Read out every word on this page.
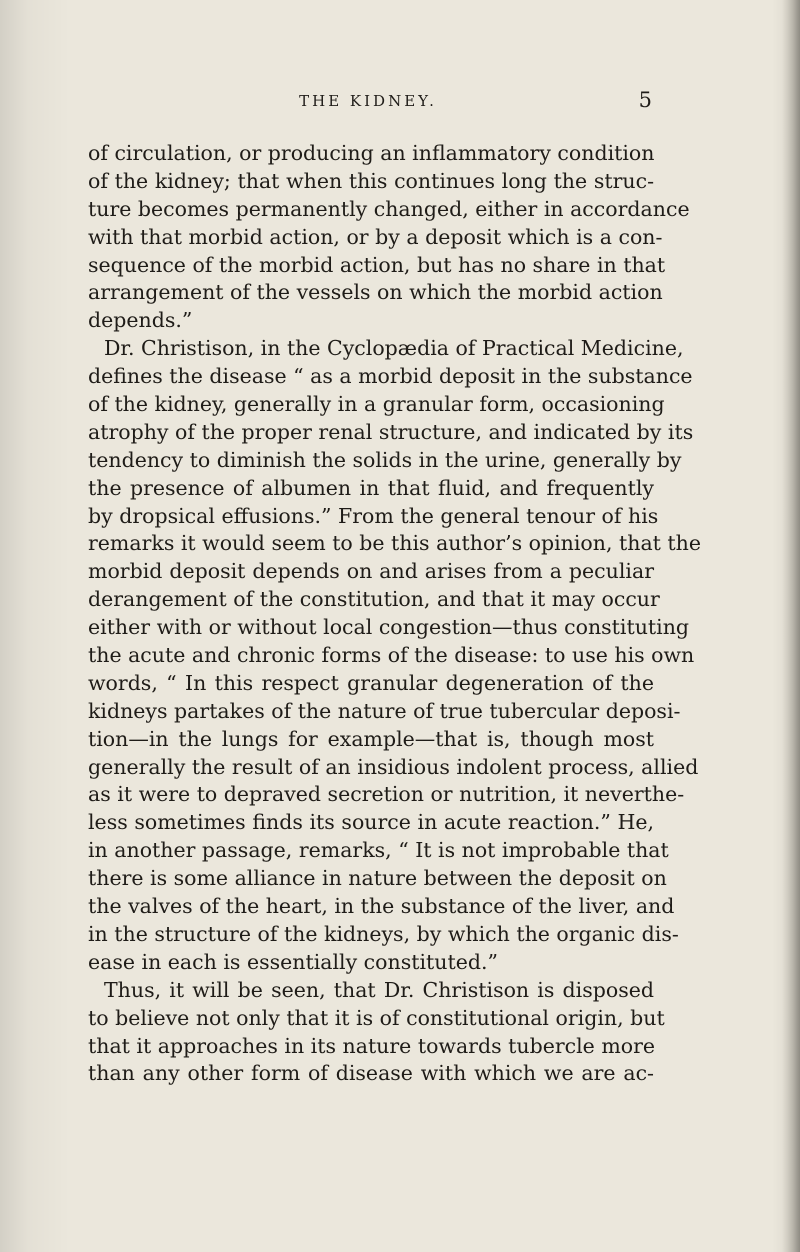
THE KIDNEY.	5
of circulation, or producing an inflammatory condition
of the kidney; that when this continues long the struc-
ture becomes permanently changed, either in accordance
with that morbid action, or by a deposit which is a con-
sequence of the morbid action, but has no share in that
arrangement of the vessels on which the morbid action
depends.”
Dr. Christison, in the Cyclopædia of Practical Medicine,
defines the disease “ as a morbid deposit in the substance
of the kidney, generally in a granular form, occasioning
atrophy of the proper renal structure, and indicated by its
tendency to diminish the solids in the urine, generally by
the presence of albumen in that fluid, and frequently
by dropsical effusions.” From the general tenour of his
remarks it would seem to be this author’s opinion, that the
morbid deposit depends on and arises from a peculiar
derangement of the constitution, and that it may occur
either with or without local congestion—thus constituting
the acute and chronic forms of the disease: to use his own
words, “ In this respect granular degeneration of the
kidneys partakes of the nature of true tubercular deposi-
tion—in the lungs for example—that is, though most
generally the result of an insidious indolent process, allied
as it were to depraved secretion or nutrition, it neverthe-
less sometimes finds its source in acute reaction.” He,
in another passage, remarks, “ It is not improbable that
there is some alliance in nature between the deposit on
the valves of the heart, in the substance of the liver, and
in the structure of the kidneys, by which the organic dis-
ease in each is essentially constituted.”
Thus, it will be seen, that Dr. Christison is disposed
to believe not only that it is of constitutional origin, but
that it approaches in its nature towards tubercle more
than any other form of disease with which we are ac-
